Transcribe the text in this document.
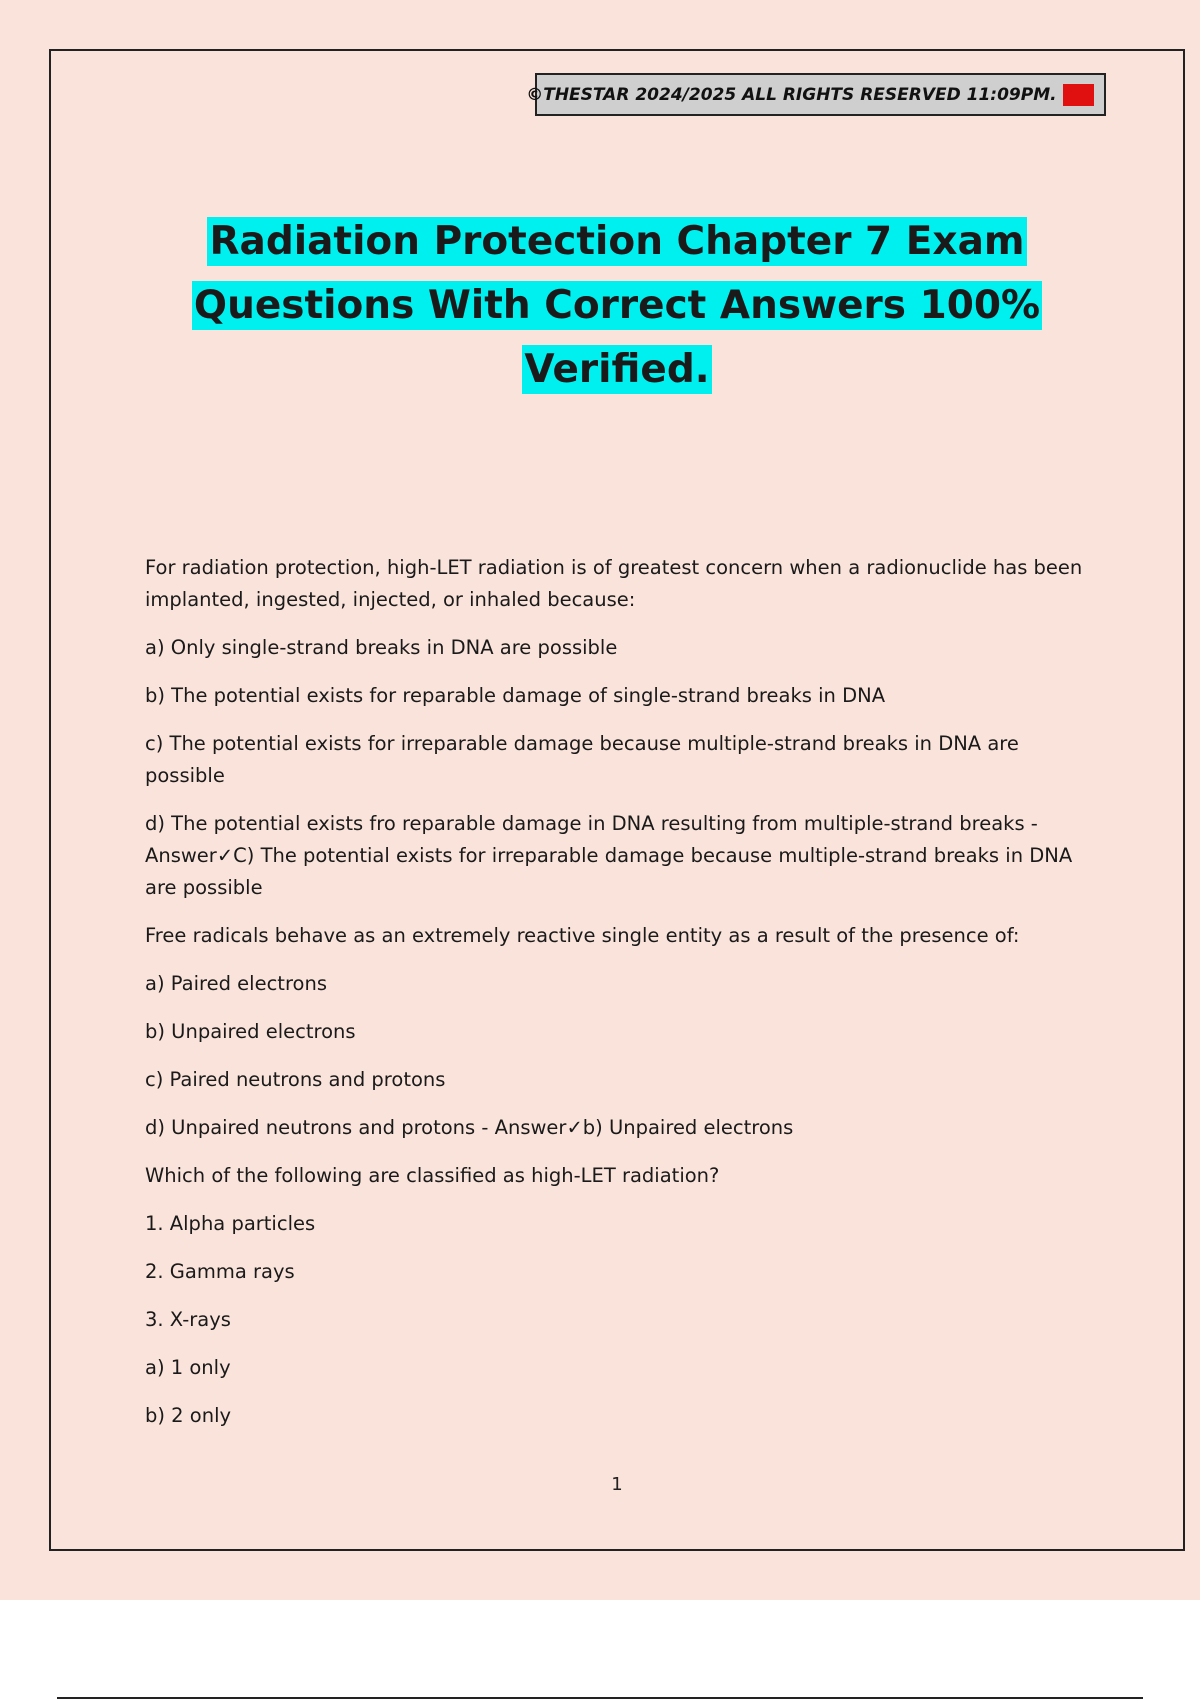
©THESTAR 2024/2025 ALL RIGHTS RESERVED 11:09PM. A+
Radiation Protection Chapter 7 Exam
Questions With Correct Answers 100%
Verified.

For radiation protection, high-LET radiation is of greatest concern when a radionuclide has been implanted, ingested, injected, or inhaled because:

a) Only single-strand breaks in DNA are possible

b) The potential exists for reparable damage of single-strand breaks in DNA

c) The potential exists for irreparable damage because multiple-strand breaks in DNA are possible

d) The potential exists fro reparable damage in DNA resulting from multiple-strand breaks - Answer✓C) The potential exists for irreparable damage because multiple-strand breaks in DNA are possible

Free radicals behave as an extremely reactive single entity as a result of the presence of:

a) Paired electrons

b) Unpaired electrons

c) Paired neutrons and protons

d) Unpaired neutrons and protons - Answer✓b) Unpaired electrons

Which of the following are classified as high-LET radiation?

1. Alpha particles

2. Gamma rays

3. X-rays

a) 1 only

b) 2 only

1
